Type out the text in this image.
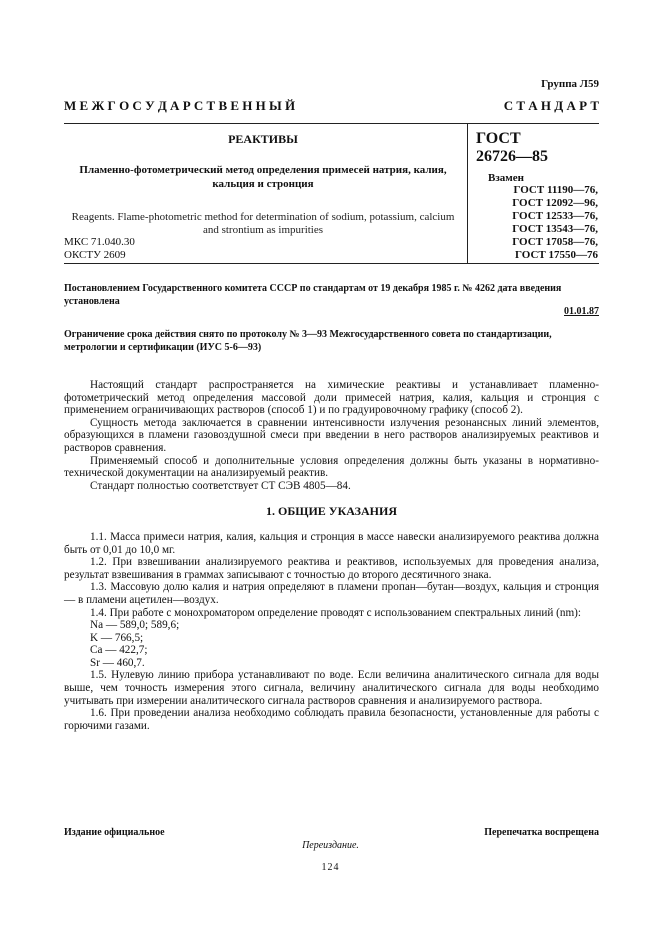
Группа Л59
М Е Ж Г О С У Д А Р С Т В Е Н Н Ы Й	С Т А Н Д А Р Т
РЕАКТИВЫ
Пламенно-фотометрический метод определения примесей натрия, калия, кальция и стронция
Reagents. Flame-photometric method for determination of sodium, potassium, calcium and strontium as impurities
МКС 71.040.30
ОКСТУ 2609
ГОСТ
26726—85
Взамен
ГОСТ 11190—76,
ГОСТ 12092—96,
ГОСТ 12533—76,
ГОСТ 13543—76,
ГОСТ 17058—76,
ГОСТ 17550—76
Постановлением Государственного комитета СССР по стандартам от 19 декабря 1985 г. № 4262 дата введения установлена
01.01.87
Ограничение срока действия снято по протоколу № 3—93 Межгосударственного совета по стандартизации, метрологии и сертификации (ИУС 5-6—93)

Настоящий стандарт распространяется на химические реактивы и устанавливает пламенно-фотометрический метод определения массовой доли примесей натрия, калия, кальция и стронция с применением ограничивающих растворов (способ 1) и по градуировочному графику (способ 2).

Сущность метода заключается в сравнении интенсивности излучения резонансных линий элементов, образующихся в пламени газовоздушной смеси при введении в него растворов анализируемых реактивов и растворов сравнения.

Применяемый способ и дополнительные условия определения должны быть указаны в нормативно-технической документации на анализируемый реактив.

Стандарт полностью соответствует СТ СЭВ 4805—84.

1. ОБЩИЕ УКАЗАНИЯ

1.1. Масса примеси натрия, калия, кальция и стронция в массе навески анализируемого реактива должна быть от 0,01 до 10,0 мг.

1.2. При взвешивании анализируемого реактива и реактивов, используемых для проведения анализа, результат взвешивания в граммах записывают с точностью до второго десятичного знака.

1.3. Массовую долю калия и натрия определяют в пламени пропан—бутан—воздух, кальция и стронция — в пламени ацетилен—воздух.

1.4. При работе с монохроматором определение проводят с использованием спектральных линий (nm):

Na — 589,0; 589,6;

K — 766,5;

Ca — 422,7;

Sr — 460,7.

1.5. Нулевую линию прибора устанавливают по воде. Если величина аналитического сигнала для воды выше, чем точность измерения этого сигнала, величину аналитического сигнала для воды необходимо учитывать при измерении аналитического сигнала растворов сравнения и анализируемого раствора.

1.6. При проведении анализа необходимо соблюдать правила безопасности, установленные для работы с горючими газами.

Издание официальное	Перепечатка воспрещена
Переиздание.
124
